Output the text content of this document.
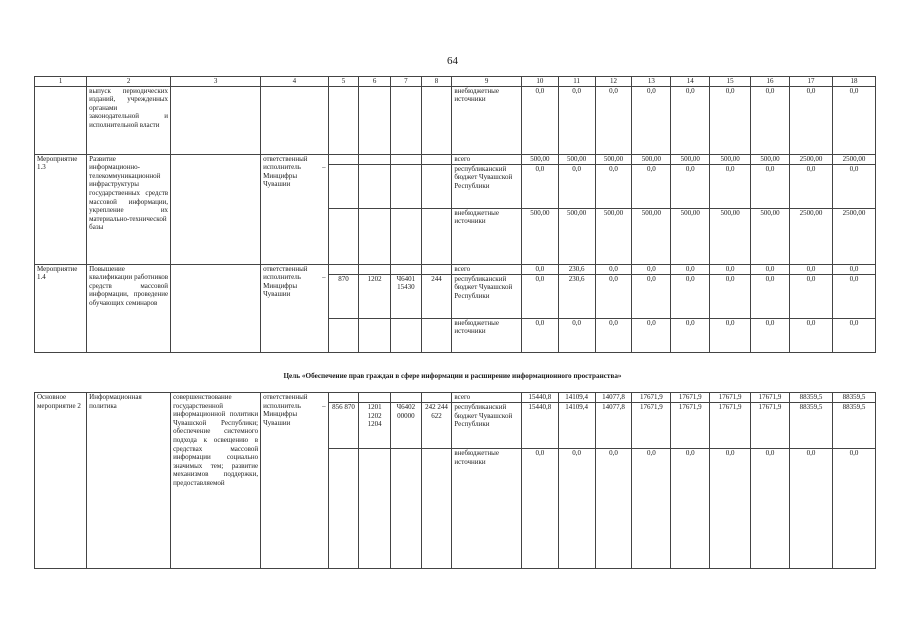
64
1	2	3	4	5	6	7	8	9	10	11	12	13	14	15	16	17	18
	выпуск периодических изданий, учрежденных органами законодательной и исполнительной власти							внебюджетные источники	0,0	0,0	0,0	0,0	0,0	0,0	0,0	0,0	0,0
Мероприятие 1.3	Развитие информационно-телекоммуникационной инфраструктуры государственных средств массовой информации, укрепление их материально-технической базы		ответственный исполнитель – Минцифры Чувашии					всего	500,00	500,00	500,00	500,00	500,00	500,00	500,00	2500,00	2500,00
								республиканский бюджет Чувашской Республики	0,0	0,0	0,0	0,0	0,0	0,0	0,0	0,0	0,0
								внебюджетные источники	500,00	500,00	500,00	500,00	500,00	500,00	500,00	2500,00	2500,00
Мероприятие 1.4	Повышение квалификации работников средств массовой информации, проведение обучающих семинаров		ответственный исполнитель – Минцифры Чувашии					всего	0,0	230,6	0,0	0,0	0,0	0,0	0,0	0,0	0,0
				870	1202	Ч6401 15430	244	республиканский бюджет Чувашской Республики	0,0	230,6	0,0	0,0	0,0	0,0	0,0	0,0	0,0
								внебюджетные источники	0,0	0,0	0,0	0,0	0,0	0,0	0,0	0,0	0,0
Цель «Обеспечение прав граждан в сфере информации и расширение информационного пространства»
Основное мероприятие 2	Информационная политика	совершенствование государственной информационной политики Чувашской Республики; обеспечение системного подхода к освещению в средствах массовой информации социально значимых тем; развитие механизмов поддержки, предоставляемой	ответственный исполнитель – Минцифры Чувашии					всего	15440,8	14109,4	14077,8	17671,9	17671,9	17671,9	17671,9	88359,5	88359,5
				856 870	1201 1202 1204	Ч6402 00000	242 244 622	республиканский бюджет Чувашской Республики	15440,8	14109,4	14077,8	17671,9	17671,9	17671,9	17671,9	88359,5	88359,5
								внебюджетные источники	0,0	0,0	0,0	0,0	0,0	0,0	0,0	0,0	0,0
